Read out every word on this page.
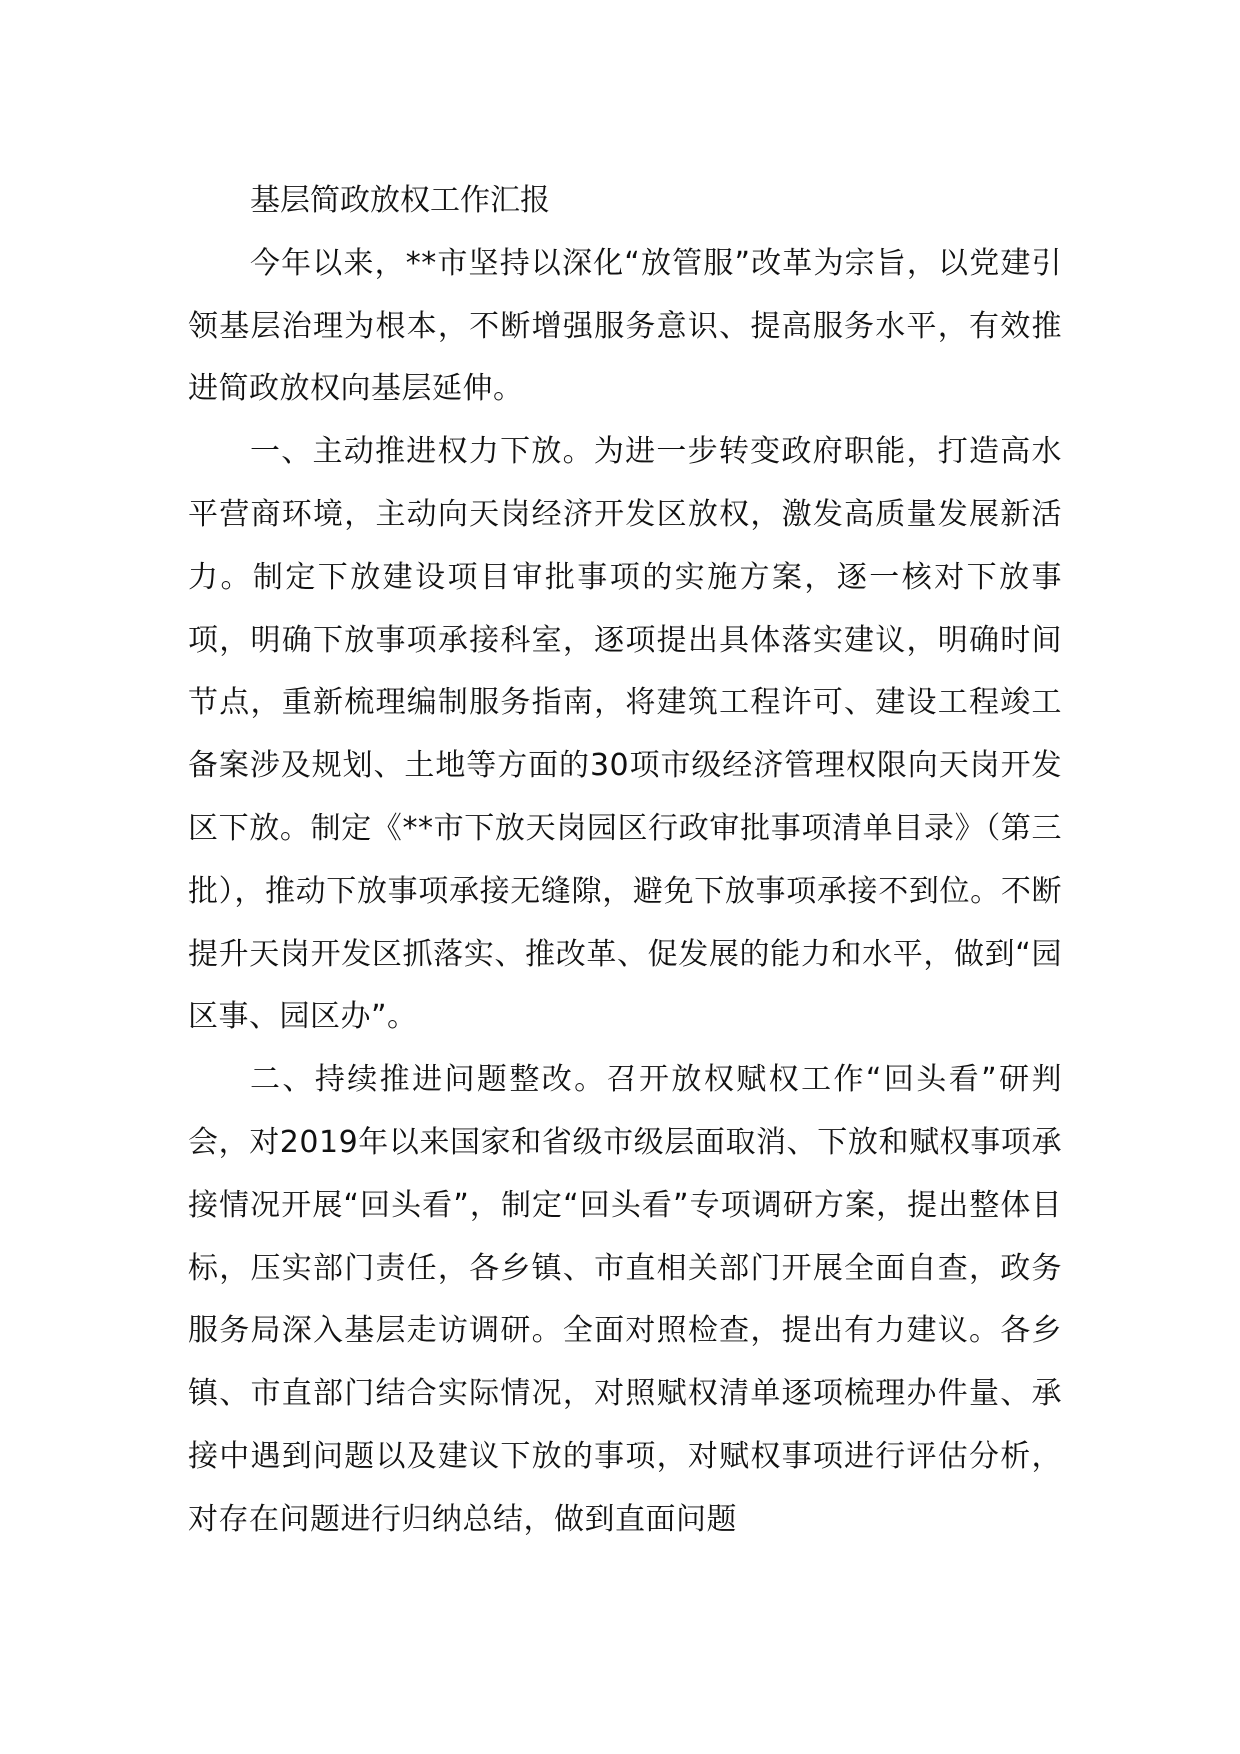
基层简政放权工作汇报

今年以来，**市坚持以深化“放管服”改革为宗旨，以党建引领基层治理为根本，不断增强服务意识、提高服务水平，有效推进简政放权向基层延伸。

一、主动推进权力下放。为进一步转变政府职能，打造高水平营商环境，主动向天岗经济开发区放权，激发高质量发展新活力。制定下放建设项目审批事项的实施方案，逐一核对下放事项，明确下放事项承接科室，逐项提出具体落实建议，明确时间节点，重新梳理编制服务指南，将建筑工程许可、建设工程竣工备案涉及规划、土地等方面的30项市级经济管理权限向天岗开发区下放。制定《**市下放天岗园区行政审批事项清单目录》（第三批），推动下放事项承接无缝隙，避免下放事项承接不到位。不断提升天岗开发区抓落实、推改革、促发展的能力和水平，做到“园区事、园区办”。

二、持续推进问题整改。召开放权赋权工作“回头看”研判会，对2019年以来国家和省级市级层面取消、下放和赋权事项承接情况开展“回头看”，制定“回头看”专项调研方案，提出整体目标，压实部门责任，各乡镇、市直相关部门开展全面自查，政务服务局深入基层走访调研。全面对照检查，提出有力建议。各乡镇、市直部门结合实际情况，对照赋权清单逐项梳理办件量、承接中遇到问题以及建议下放的事项，对赋权事项进行评估分析，对存在问题进行归纳总结，做到直面问题
